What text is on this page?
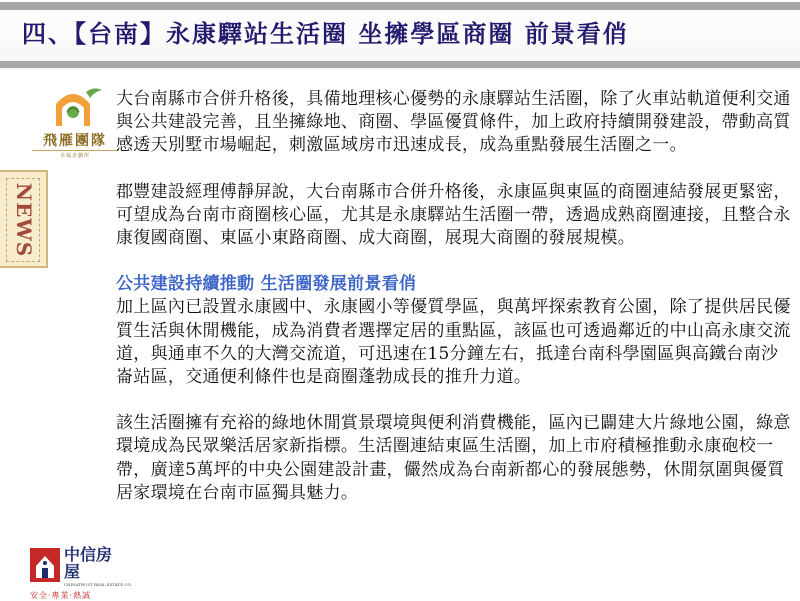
四、【台南】永康驛站生活圈 坐擁學區商圈 前景看俏
飛雁團隊
幸福企劃所
NEWS

大台南縣市合併升格後，具備地理核心優勢的永康驛站生活圈，除了火車站軌道便利交通與公共建設完善，且坐擁綠地、商圈、學區優質條件，加上政府持續開發建設，帶動高質感透天別墅市場崛起，刺激區域房市迅速成長，成為重點發展生活圈之一。

郡豐建設經理傅靜屏說，大台南縣市合併升格後，永康區與東區的商圈連結發展更緊密，可望成為台南市商圈核心區，尤其是永康驛站生活圈一帶，透過成熟商圈連接，且整合永康復國商圈、東區小東路商圈、成大商圈，展現大商圈的發展規模。

公共建設持續推動 生活圈發展前景看俏

加上區內已設置永康國中、永康國小等優質學區，與萬坪探索教育公園，除了提供居民優質生活與休閒機能，成為消費者選擇定居的重點區，該區也可透過鄰近的中山高永康交流道，與通車不久的大灣交流道，可迅速在15分鐘左右，抵達台南科學園區與高鐵台南沙崙站區，交通便利條件也是商圈蓬勃成長的推升力道。

該生活圈擁有充裕的綠地休閒賞景環境與便利消費機能，區內已闢建大片綠地公園，綠意環境成為民眾樂活居家新指標。生活圈連結東區生活圈，加上市府積極推動永康砲校一帶，廣達5萬坪的中央公園建設計畫，儼然成為台南新都心的發展態勢，休閒氛圍與優質居家環境在台南市區獨具魅力。

中信房屋
CHINATRUST REAL ESTATE CO.
安全·專業·熱誠
